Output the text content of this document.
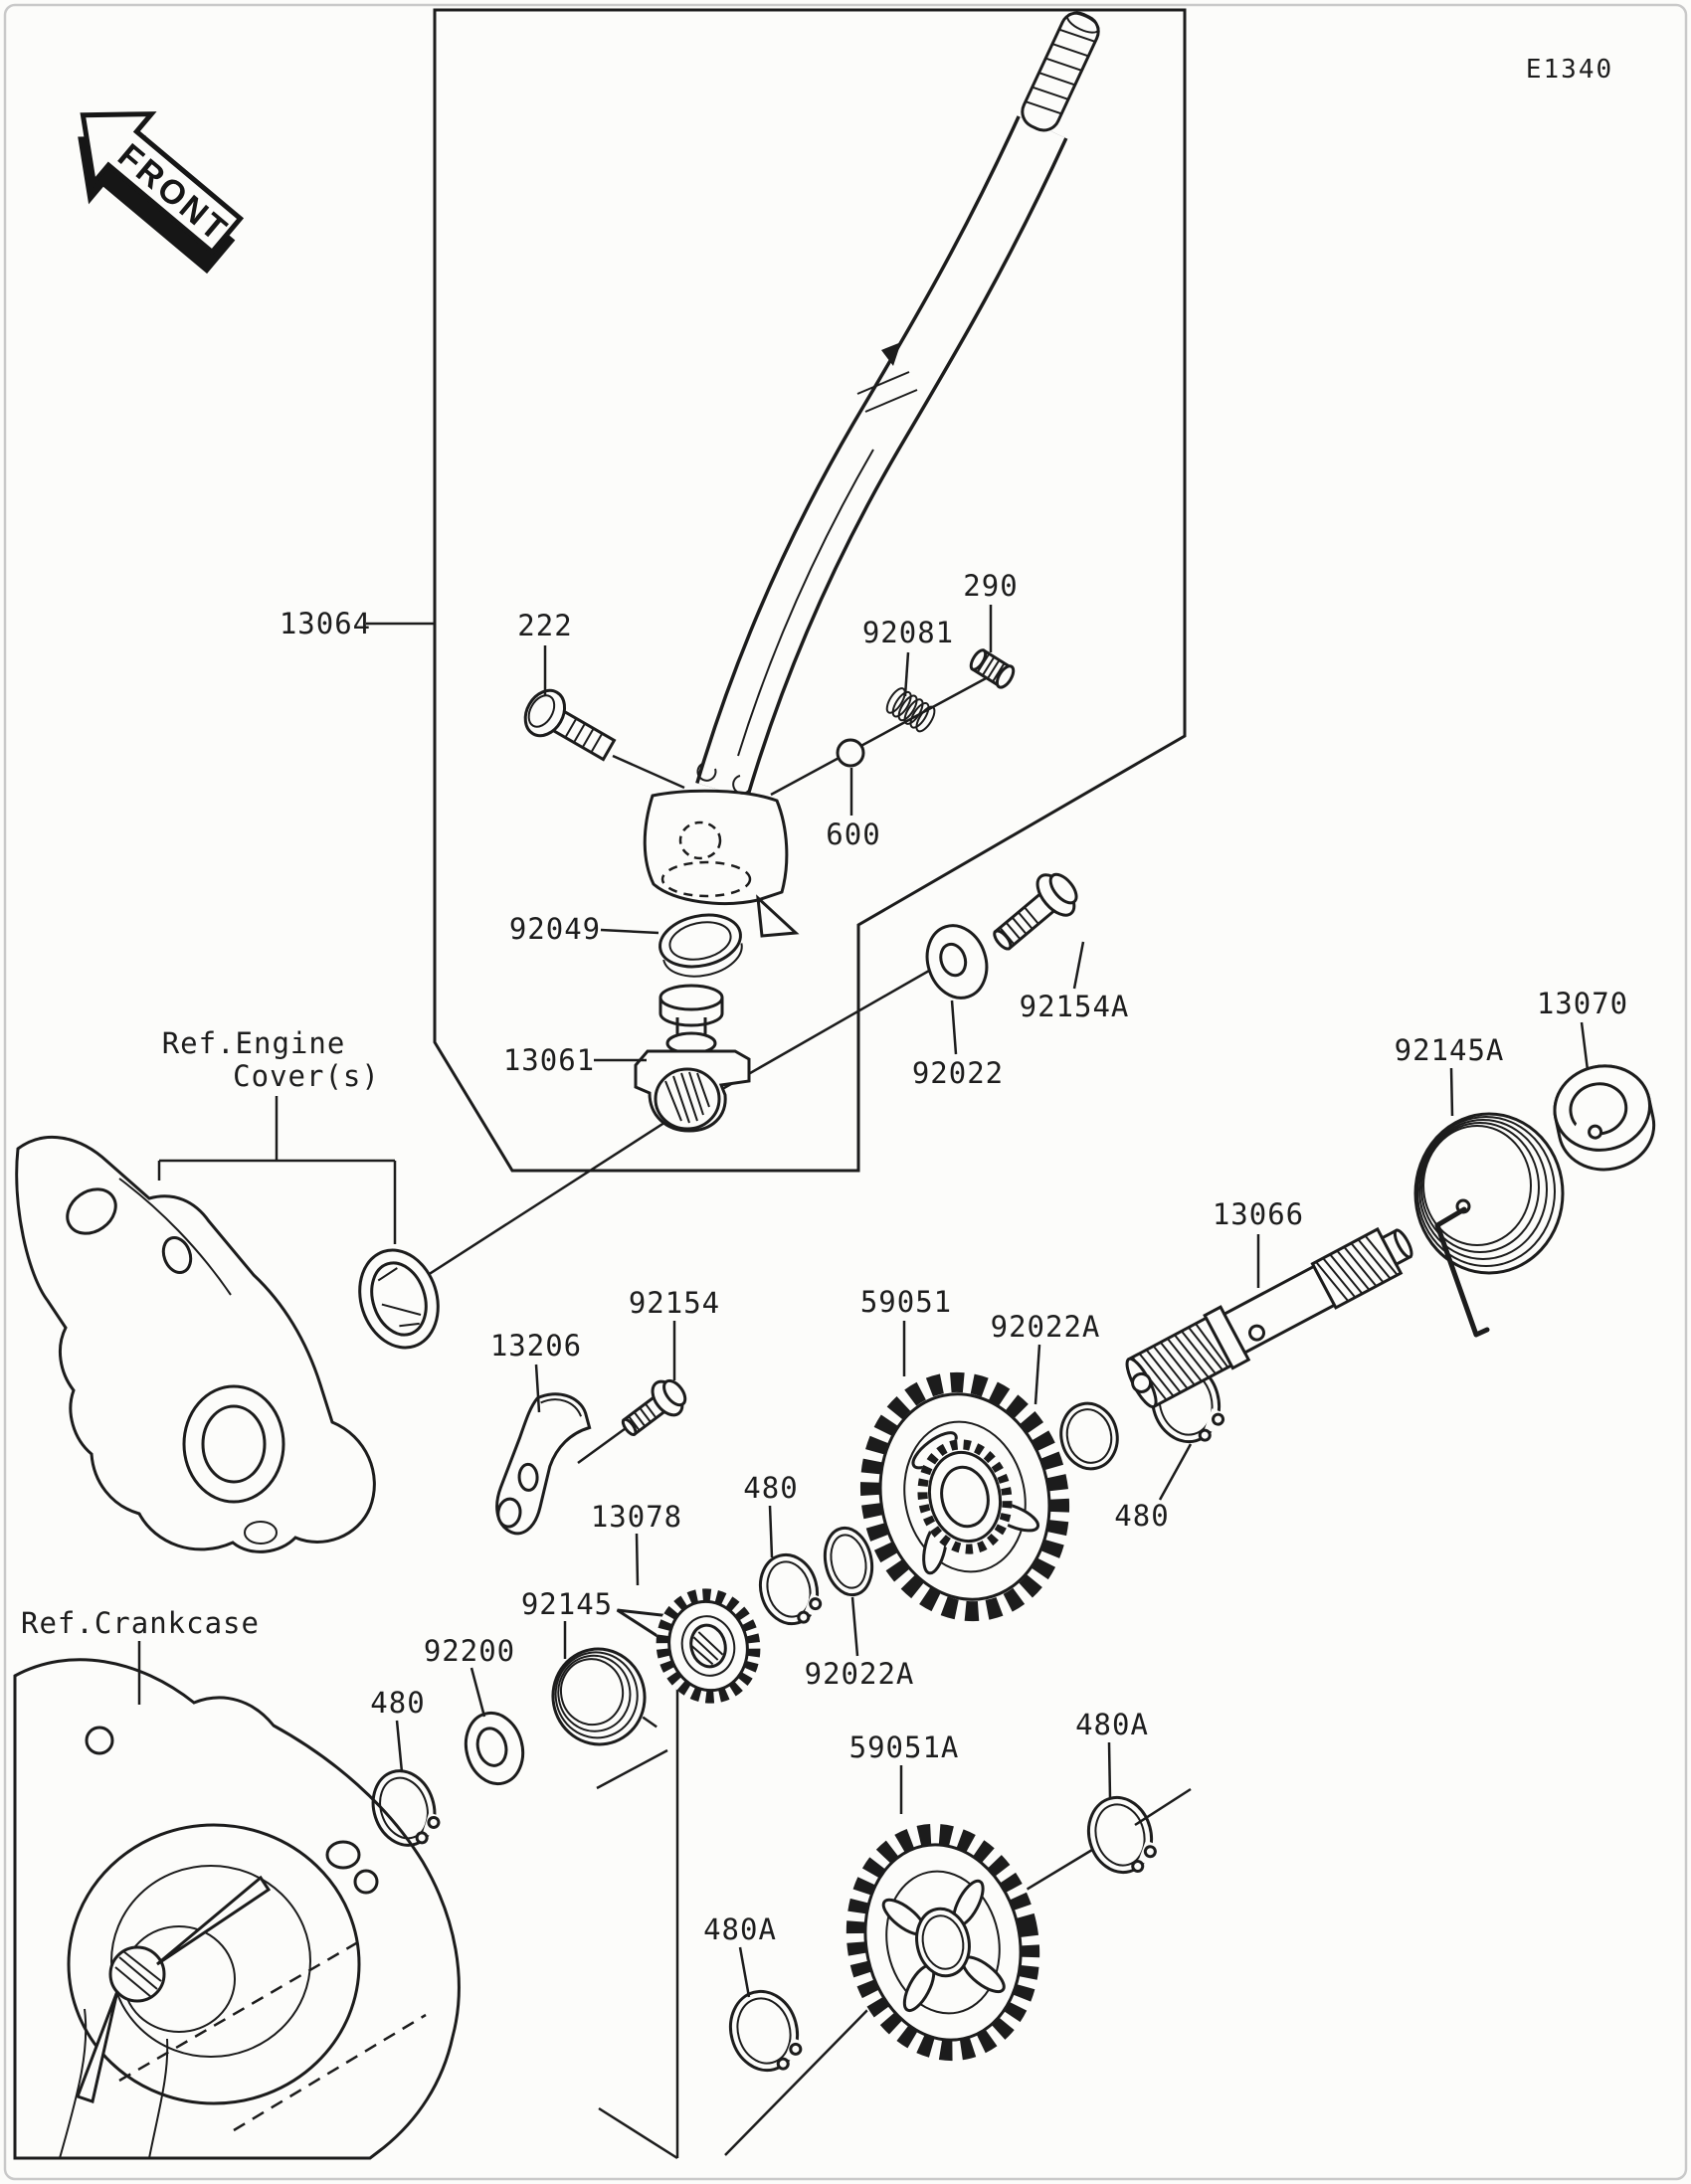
FRONT
E1340
13064	222	92081
290
600
92049
13061	92022
92154A	13070
92145A
13066
92154	59051
92022A
13206
13078
480
480
92145
92200
480
92022A
59051A
480A
480A
Ref.Engine
Cover(s)
Ref.Crankcase
